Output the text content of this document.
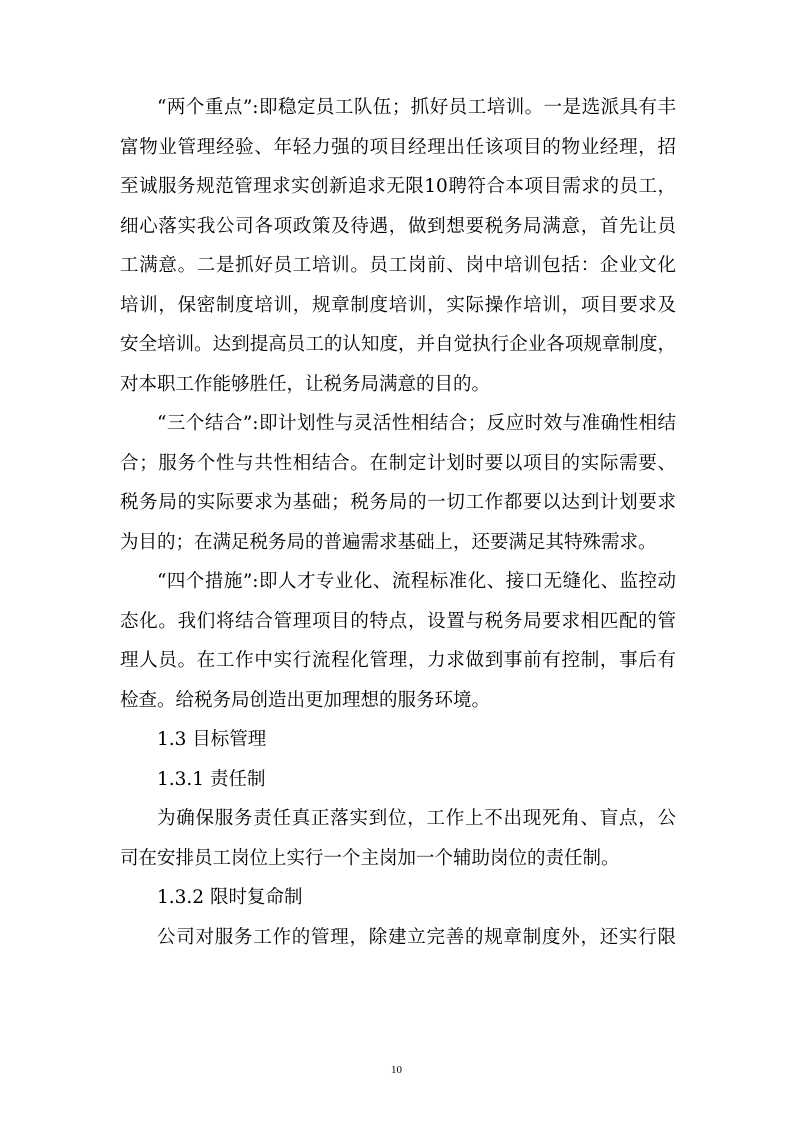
“两个重点”:即稳定员工队伍；抓好员工培训。一是选派具有丰
富物业管理经验、年轻力强的项目经理出任该项目的物业经理，招
至诚服务规范管理求实创新追求无限10聘符合本项目需求的员工，
细心落实我公司各项政策及待遇，做到想要税务局满意，首先让员
工满意。二是抓好员工培训。员工岗前、岗中培训包括：企业文化
培训，保密制度培训，规章制度培训，实际操作培训，项目要求及
安全培训。达到提高员工的认知度，并自觉执行企业各项规章制度，
对本职工作能够胜任，让税务局满意的目的。
“三个结合”:即计划性与灵活性相结合；反应时效与准确性相结
合；服务个性与共性相结合。在制定计划时要以项目的实际需要、
税务局的实际要求为基础；税务局的一切工作都要以达到计划要求
为目的；在满足税务局的普遍需求基础上，还要满足其特殊需求。
“四个措施”:即人才专业化、流程标准化、接口无缝化、监控动
态化。我们将结合管理项目的特点，设置与税务局要求相匹配的管
理人员。在工作中实行流程化管理，力求做到事前有控制，事后有
检查。给税务局创造出更加理想的服务环境。
1.3 目标管理
1.3.1 责任制
为确保服务责任真正落实到位，工作上不出现死角、盲点，公
司在安排员工岗位上实行一个主岗加一个辅助岗位的责任制。
1.3.2 限时复命制
公司对服务工作的管理，除建立完善的规章制度外，还实行限
10
